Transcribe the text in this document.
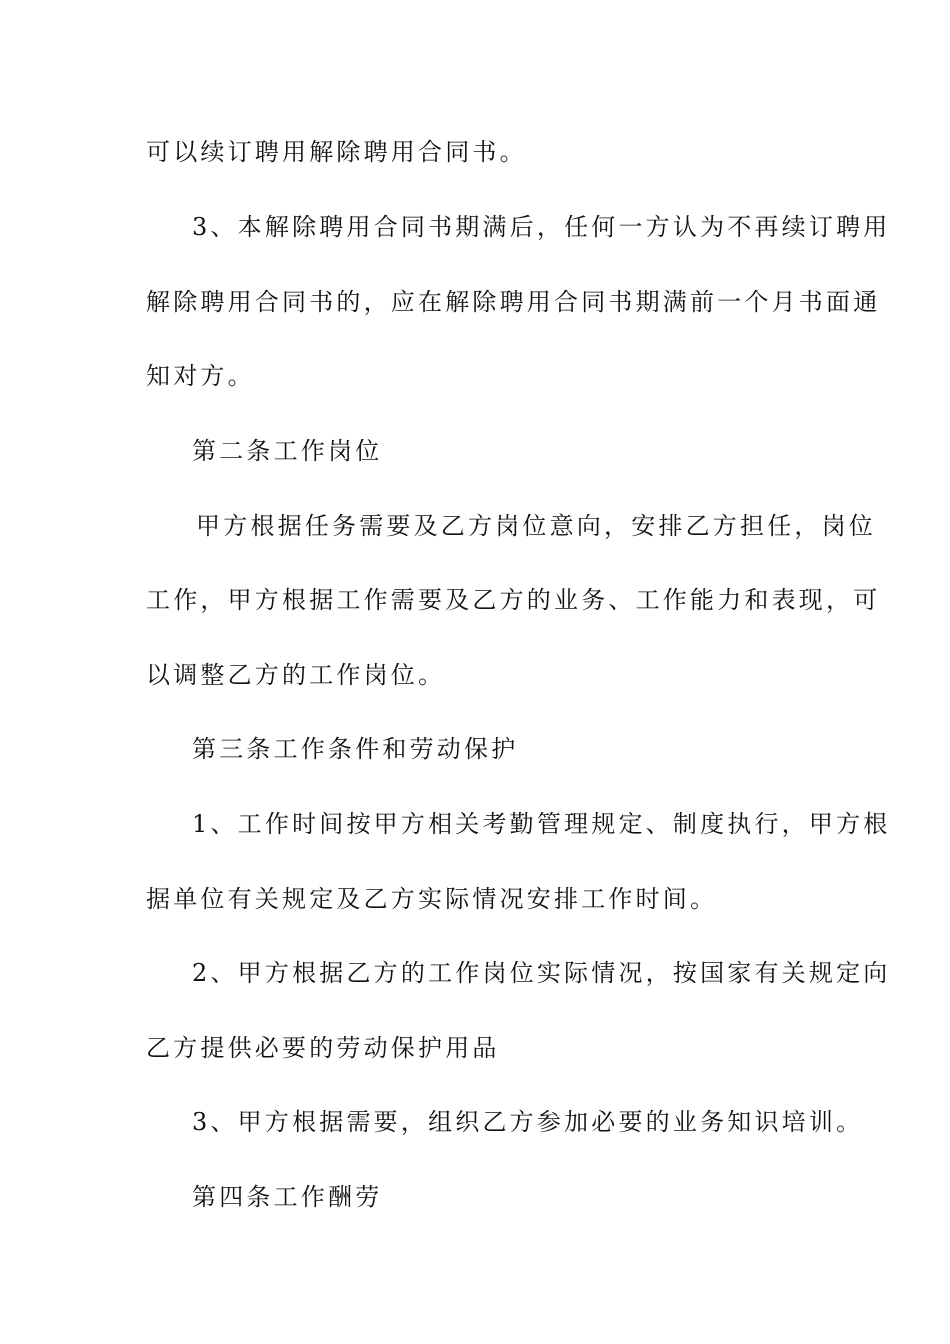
可以续订聘用解除聘用合同书。
3、本解除聘用合同书期满后，任何一方认为不再续订聘用
解除聘用合同书的，应在解除聘用合同书期满前一个月书面通
知对方。
第二条工作岗位
甲方根据任务需要及乙方岗位意向，安排乙方担任，岗位
工作，甲方根据工作需要及乙方的业务、工作能力和表现，可
以调整乙方的工作岗位。
第三条工作条件和劳动保护
1、工作时间按甲方相关考勤管理规定、制度执行，甲方根
据单位有关规定及乙方实际情况安排工作时间。
2、甲方根据乙方的工作岗位实际情况，按国家有关规定向
乙方提供必要的劳动保护用品
3、甲方根据需要，组织乙方参加必要的业务知识培训。
第四条工作酬劳
